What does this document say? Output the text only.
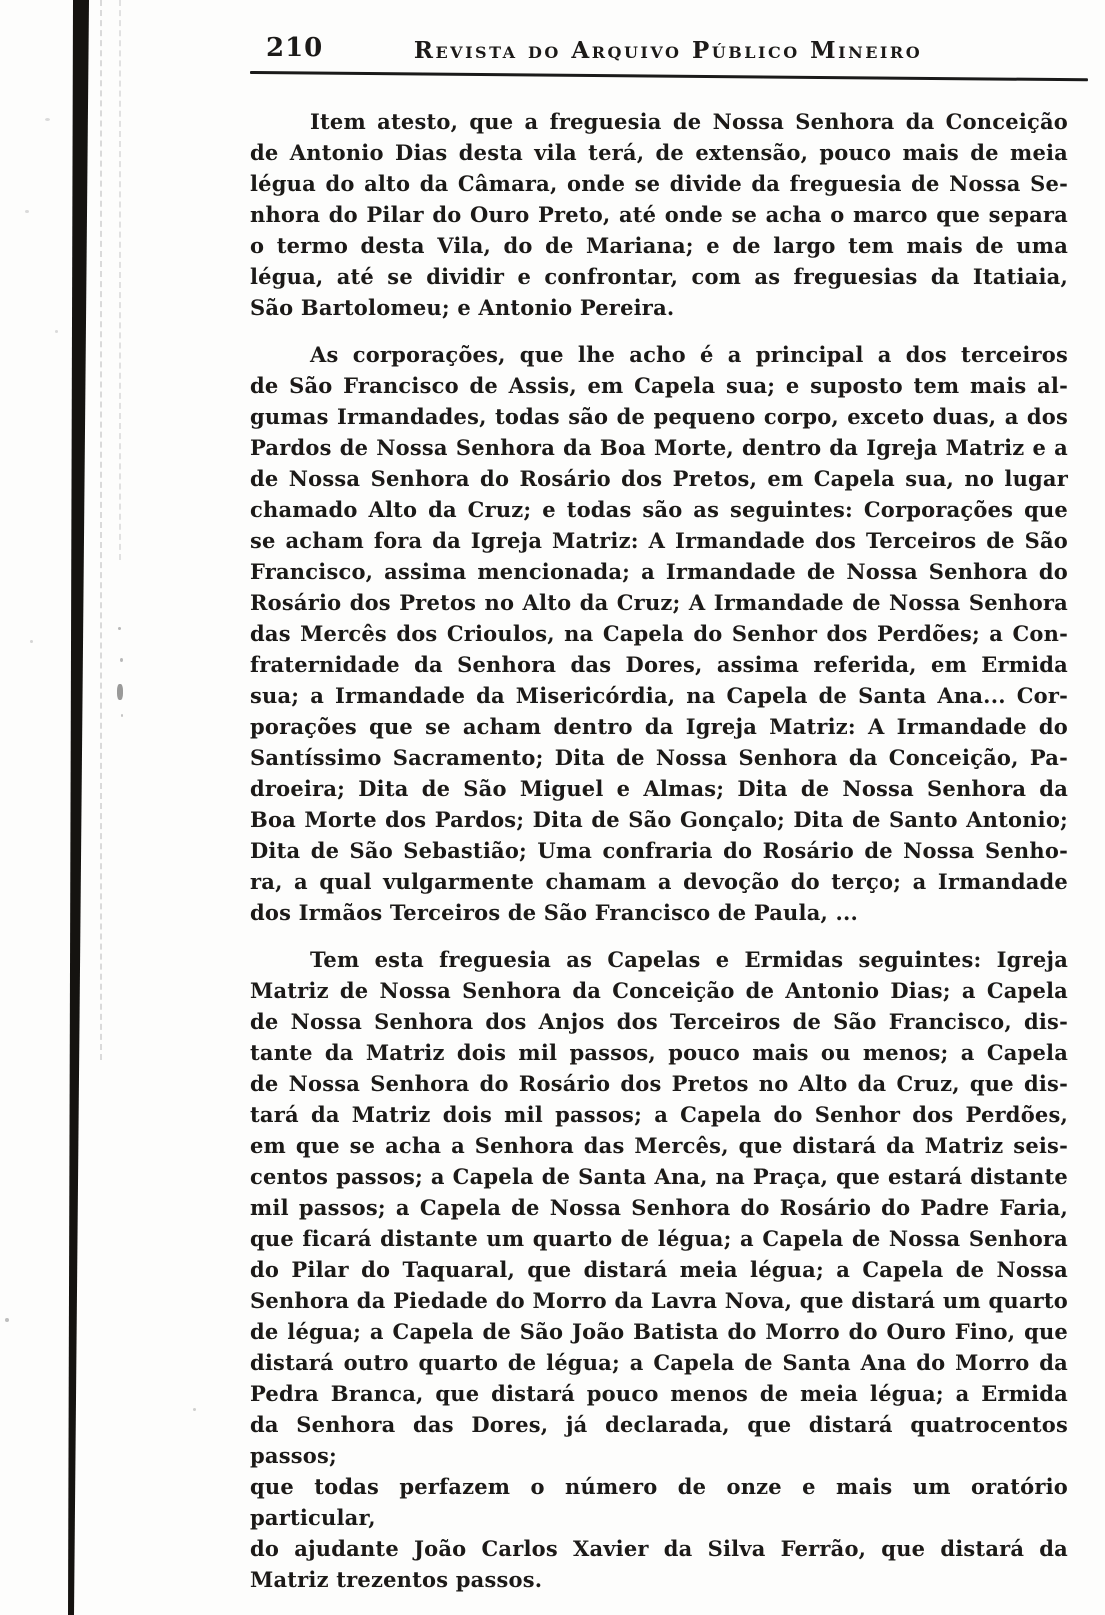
210	Revista do Arquivo Público Mineiro
Item atesto, que a freguesia de Nossa Senhora da Conceição
de Antonio Dias desta vila terá, de extensão, pouco mais de meia
légua do alto da Câmara, onde se divide da freguesia de Nossa Se-
nhora do Pilar do Ouro Preto, até onde se acha o marco que separa
o termo desta Vila, do de Mariana; e de largo tem mais de uma
légua, até se dividir e confrontar, com as freguesias da Itatiaia,
São Bartolomeu; e Antonio Pereira.
As corporações, que lhe acho é a principal a dos terceiros
de São Francisco de Assis, em Capela sua; e suposto tem mais al-
gumas Irmandades, todas são de pequeno corpo, exceto duas, a dos
Pardos de Nossa Senhora da Boa Morte, dentro da Igreja Matriz e a
de Nossa Senhora do Rosário dos Pretos, em Capela sua, no lugar
chamado Alto da Cruz; e todas são as seguintes: Corporações que
se acham fora da Igreja Matriz: A Irmandade dos Terceiros de São
Francisco, assima mencionada; a Irmandade de Nossa Senhora do
Rosário dos Pretos no Alto da Cruz; A Irmandade de Nossa Senhora
das Mercês dos Crioulos, na Capela do Senhor dos Perdões; a Con-
fraternidade da Senhora das Dores, assima referida, em Ermida
sua; a Irmandade da Misericórdia, na Capela de Santa Ana... Cor-
porações que se acham dentro da Igreja Matriz: A Irmandade do
Santíssimo Sacramento; Dita de Nossa Senhora da Conceição, Pa-
droeira; Dita de São Miguel e Almas; Dita de Nossa Senhora da
Boa Morte dos Pardos; Dita de São Gonçalo; Dita de Santo Antonio;
Dita de São Sebastião; Uma confraria do Rosário de Nossa Senho-
ra, a qual vulgarmente chamam a devoção do terço; a Irmandade
dos Irmãos Terceiros de São Francisco de Paula, ...
Tem esta freguesia as Capelas e Ermidas seguintes: Igreja
Matriz de Nossa Senhora da Conceição de Antonio Dias; a Capela
de Nossa Senhora dos Anjos dos Terceiros de São Francisco, dis-
tante da Matriz dois mil passos, pouco mais ou menos; a Capela
de Nossa Senhora do Rosário dos Pretos no Alto da Cruz, que dis-
tará da Matriz dois mil passos; a Capela do Senhor dos Perdões,
em que se acha a Senhora das Mercês, que distará da Matriz seis-
centos passos; a Capela de Santa Ana, na Praça, que estará distante
mil passos; a Capela de Nossa Senhora do Rosário do Padre Faria,
que ficará distante um quarto de légua; a Capela de Nossa Senhora
do Pilar do Taquaral, que distará meia légua; a Capela de Nossa
Senhora da Piedade do Morro da Lavra Nova, que distará um quarto
de légua; a Capela de São João Batista do Morro do Ouro Fino, que
distará outro quarto de légua; a Capela de Santa Ana do Morro da
Pedra Branca, que distará pouco menos de meia légua; a Ermida
da Senhora das Dores, já declarada, que distará quatrocentos passos;
que todas perfazem o número de onze e mais um oratório particular,
do ajudante João Carlos Xavier da Silva Ferrão, que distará da
Matriz trezentos passos.
